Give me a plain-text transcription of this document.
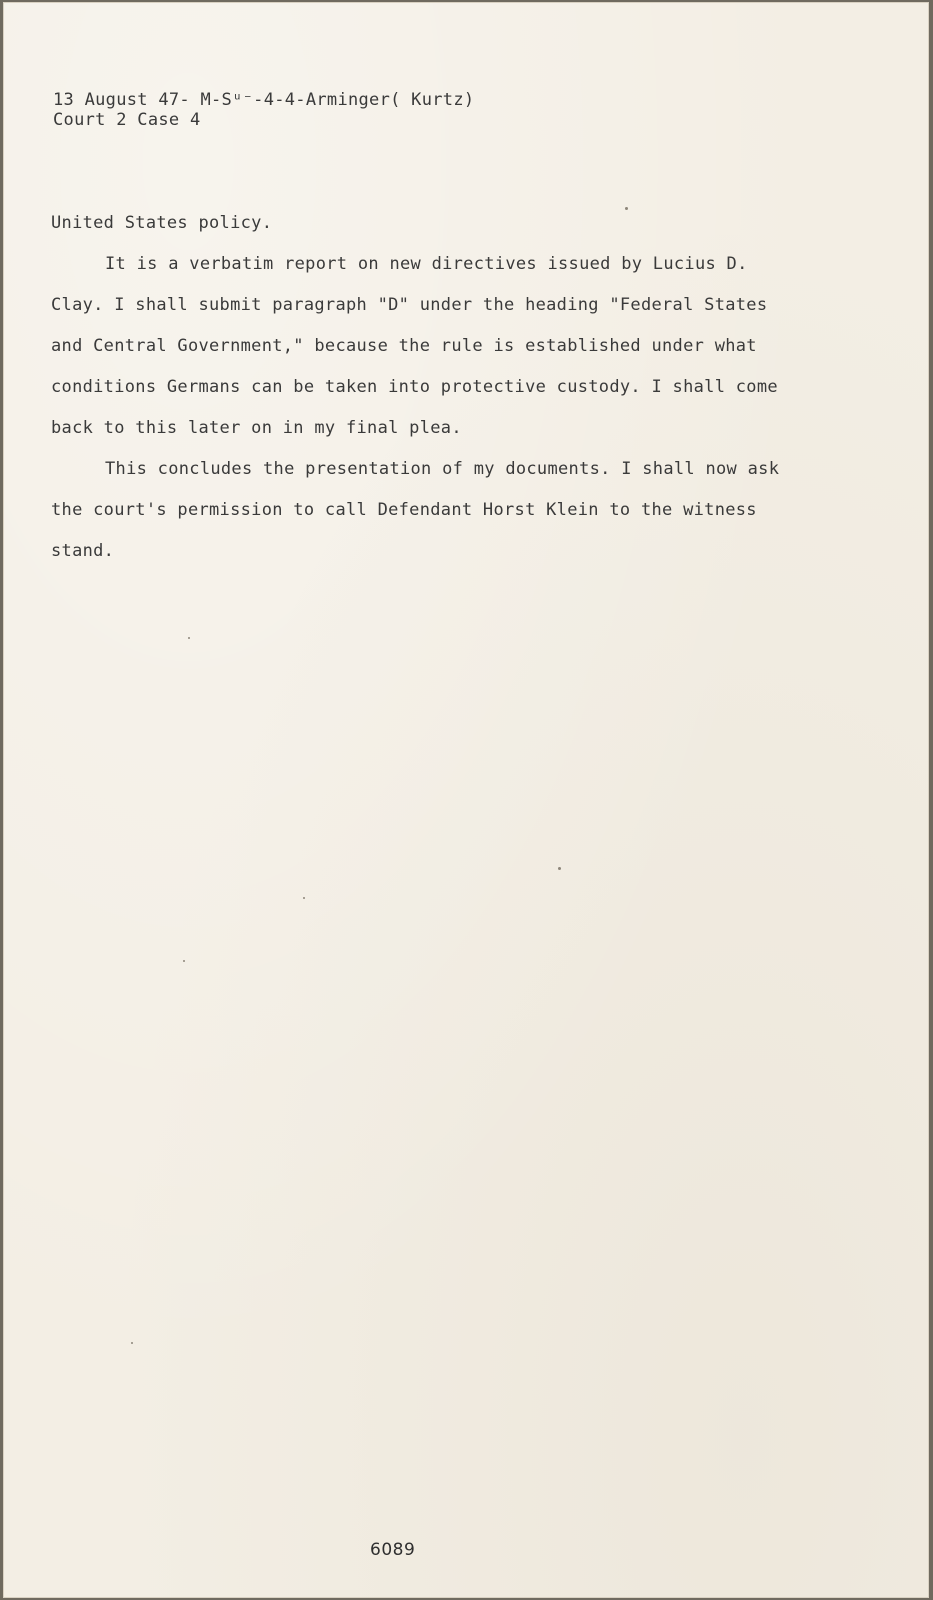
13 August 47- M-Sᵘ⁻-4-4-Arminger( Kurtz)
Court 2 Case 4
United States policy.
It is a verbatim report on new directives issued by Lucius D.
Clay. I shall submit paragraph "D" under the heading "Federal States
and Central Government," because the rule is established under what
conditions Germans can be taken into protective custody. I shall come
back to this later on in my final plea.
This concludes the presentation of my documents. I shall now ask
the court's permission to call Defendant Horst Klein to the witness
stand.
6089
